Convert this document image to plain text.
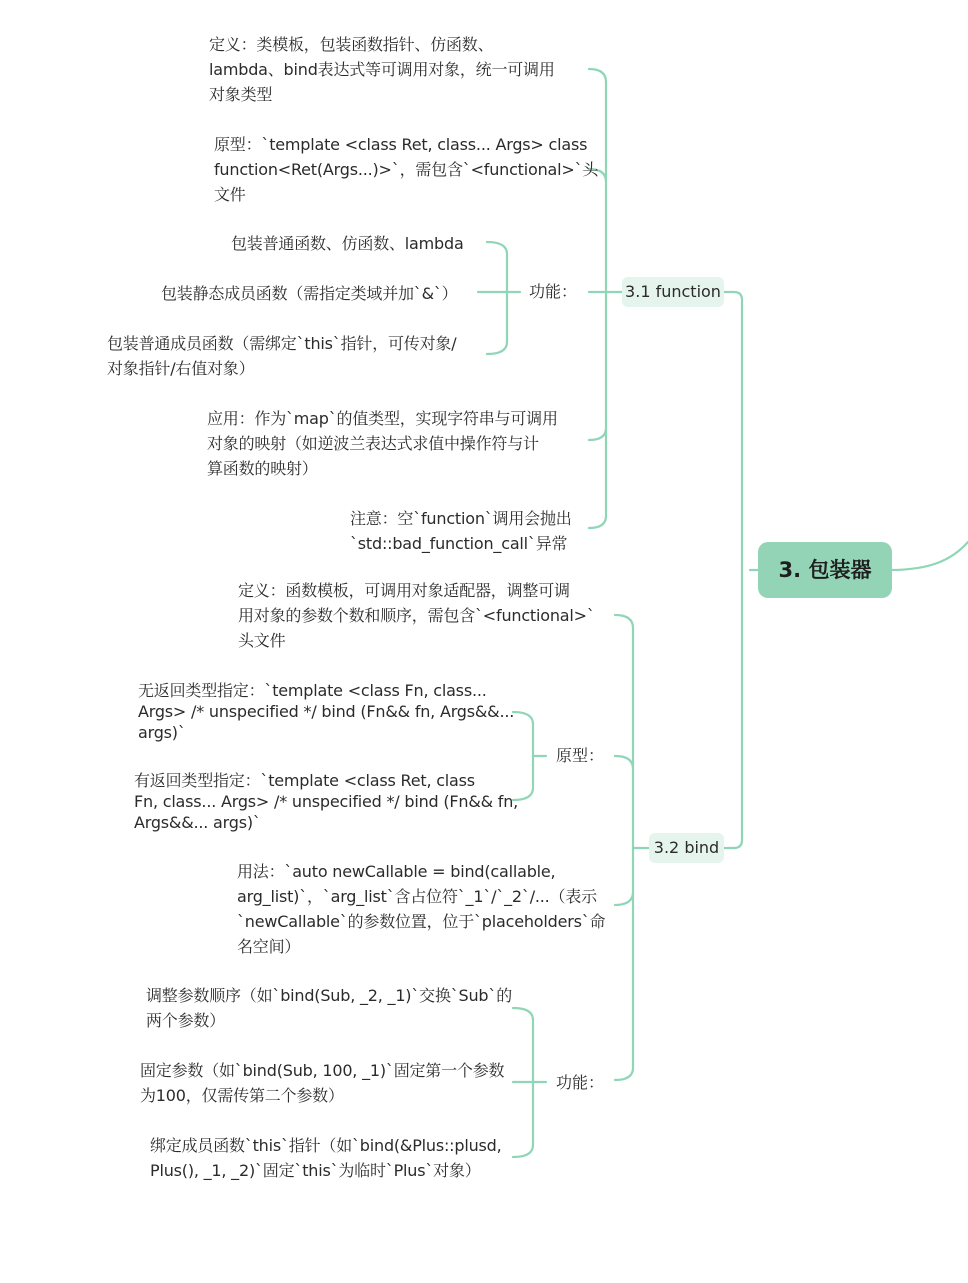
3. 包装器
3.1 function
定义：类模板，包装函数指针、仿函数、
lambda、bind表达式等可调用对象，统一可调用
对象类型
原型：`template <class Ret, class... Args> class
function<Ret(Args...)>`，需包含`<functional>`头
文件
功能：
包装普通函数、仿函数、lambda
包装静态成员函数（需指定类域并加`&`）
包装普通成员函数（需绑定`this`指针，可传对象/
对象指针/右值对象）
应用：作为`map`的值类型，实现字符串与可调用
对象的映射（如逆波兰表达式求值中操作符与计
算函数的映射）
注意：空`function`调用会抛出
`std::bad_function_call`异常
3.2 bind
定义：函数模板，可调用对象适配器，调整可调
用对象的参数个数和顺序，需包含`<functional>`
头文件
原型：
无返回类型指定：`template <class Fn, class...
Args> /* unspecified */ bind (Fn&& fn, Args&&...
args)`
有返回类型指定：`template <class Ret, class
Fn, class... Args> /* unspecified */ bind (Fn&& fn,
Args&&... args)`
用法：`auto newCallable = bind(callable,
arg_list)`，`arg_list`含占位符`_1`/`_2`/...（表示
`newCallable`的参数位置，位于`placeholders`命
名空间）
功能：
调整参数顺序（如`bind(Sub, _2, _1)`交换`Sub`的
两个参数）
固定参数（如`bind(Sub, 100, _1)`固定第一个参数
为100，仅需传第二个参数）
绑定成员函数`this`指针（如`bind(&Plus::plusd,
Plus(), _1, _2)`固定`this`为临时`Plus`对象）
